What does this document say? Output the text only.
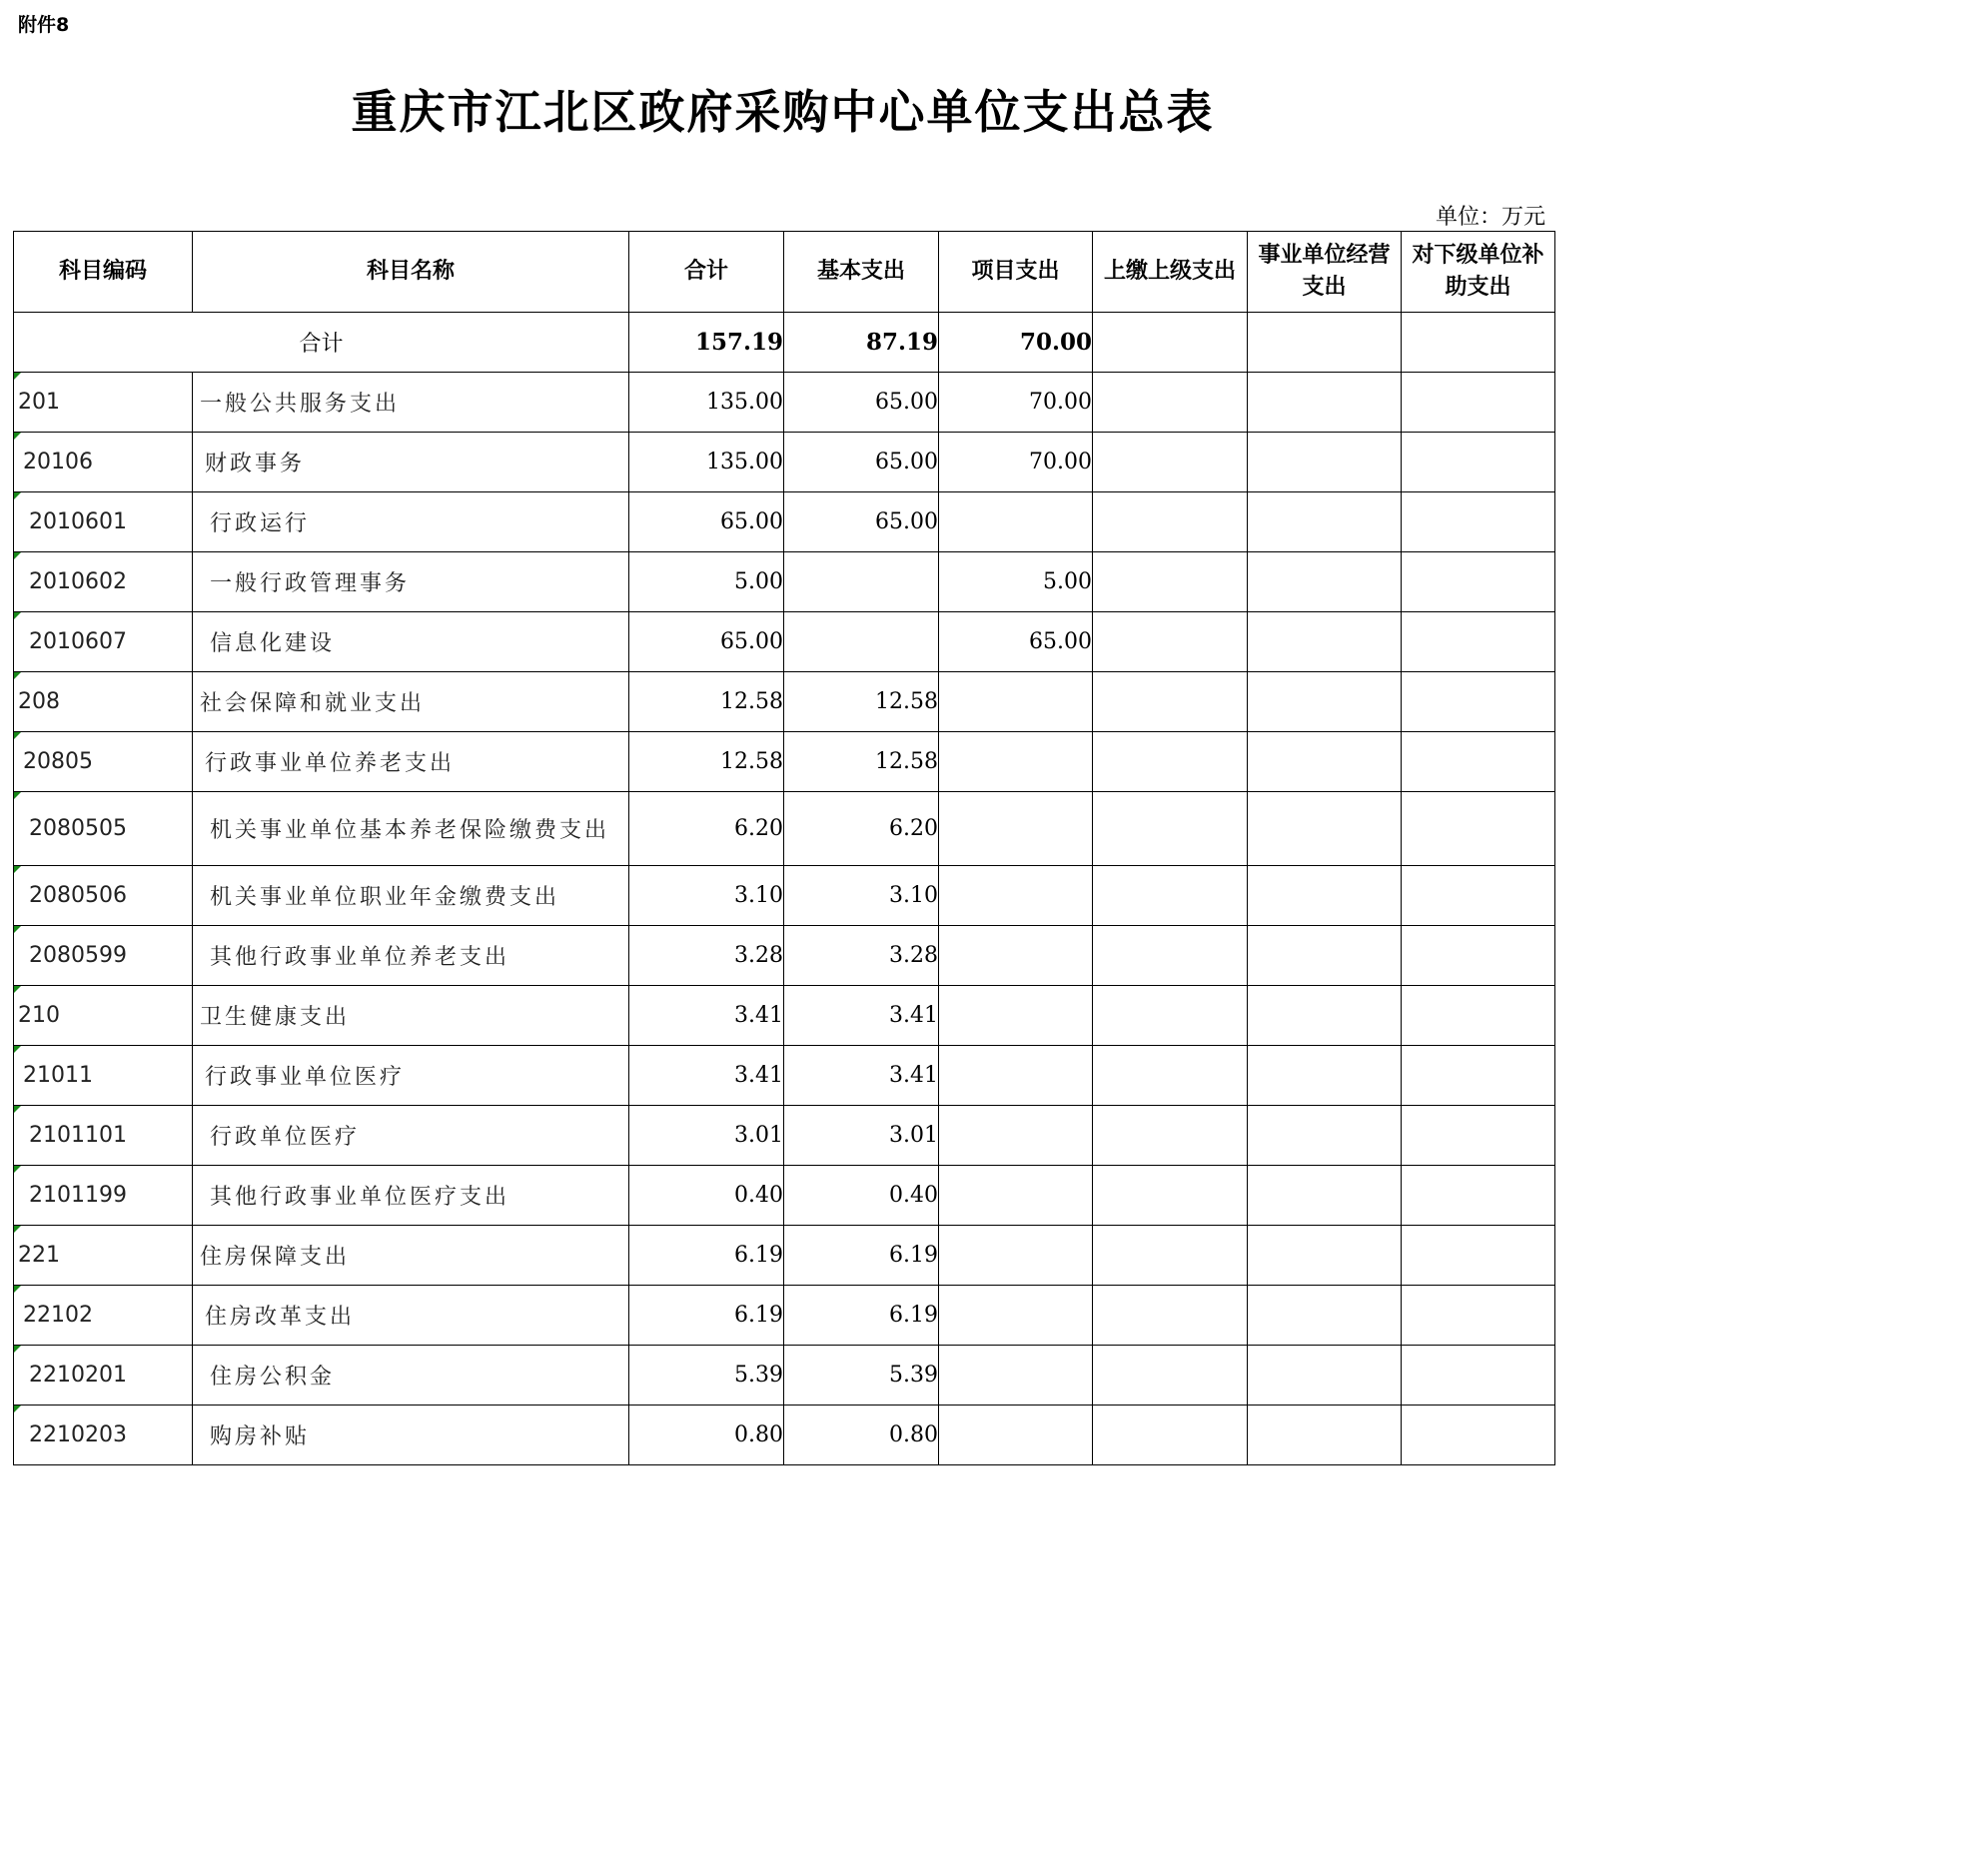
附件8
重庆市江北区政府采购中心单位支出总表
单位：万元
科目编码	科目名称	合计	基本支出	项目支出	上缴上级支出	事业单位经营支出	对下级单位补助支出
合计		157.19	87.19	70.00			
201	一般公共服务支出	135.00	65.00	70.00			
20106	财政事务	135.00	65.00	70.00			
2010601	行政运行	65.00	65.00				
2010602	一般行政管理事务	5.00		5.00			
2010607	信息化建设	65.00		65.00			
208	社会保障和就业支出	12.58	12.58				
20805	行政事业单位养老支出	12.58	12.58				
2080505	机关事业单位基本养老保险缴费支出	6.20	6.20				
2080506	机关事业单位职业年金缴费支出	3.10	3.10				
2080599	其他行政事业单位养老支出	3.28	3.28				
210	卫生健康支出	3.41	3.41				
21011	行政事业单位医疗	3.41	3.41				
2101101	行政单位医疗	3.01	3.01				
2101199	其他行政事业单位医疗支出	0.40	0.40				
221	住房保障支出	6.19	6.19				
22102	住房改革支出	6.19	6.19				
2210201	住房公积金	5.39	5.39				
2210203	购房补贴	0.80	0.80				
